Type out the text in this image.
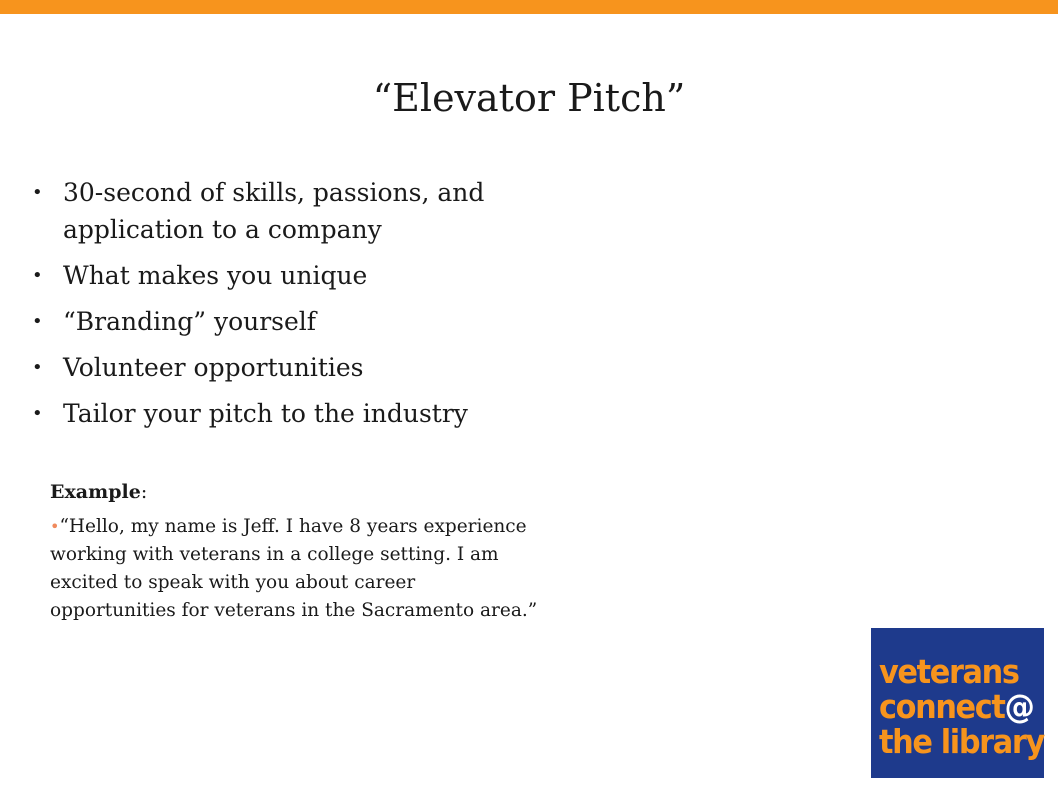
“Elevator Pitch”
• 30-second of skills, passions, and application to a company
• What makes you unique
• “Branding” yourself
• Volunteer opportunities
• Tailor your pitch to the industry

Example:

•“Hello, my name is Jeff. I have 8 years experience working with veterans in a college setting. I am excited to speak with you about career opportunities for veterans in the Sacramento area.”

veterans
connect@
the library
